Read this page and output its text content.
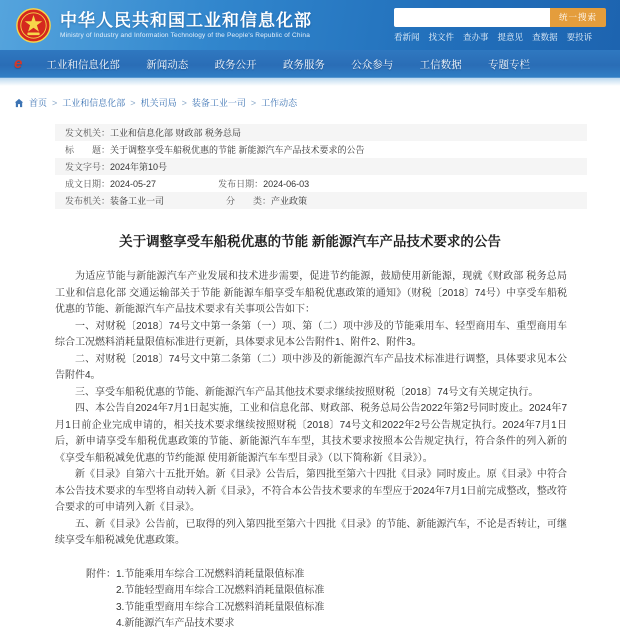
中华人民共和国工业和信息化部
Ministry of Industry and Information Technology of the People's Republic of China
统一搜索
看新闻 找文件 查办事 提意见 查数据 要投诉
e 工业和信息化部	新闻动态	政务公开	政务服务	公众参与	工信数据	专题专栏
首页 > 工业和信息化部 > 机关司局 > 装备工业一司 > 工作动态
发文机关： 工业和信息化部 财政部 税务总局
标　　题： 关于调整享受车船税优惠的节能 新能源汽车产品技术要求的公告
发文字号： 2024年第10号
成文日期： 2024-05-27	发布日期： 2024-06-03
发布机关： 装备工业一司	分　　类： 产业政策
关于调整享受车船税优惠的节能 新能源汽车产品技术要求的公告

为适应节能与新能源汽车产业发展和技术进步需要，促进节约能源，鼓励使用新能源，现就《财政部 税务总局 工业和信息化部 交通运输部关于节能 新能源车船享受车船税优惠政策的通知》（财税〔2018〕74号）中享受车船税优惠的节能、新能源汽车产品技术要求有关事项公告如下：

一、对财税〔2018〕74号文中第一条第（一）项、第（二）项中涉及的节能乘用车、轻型商用车、重型商用车综合工况燃料消耗量限值标准进行更新，具体要求见本公告附件1、附件2、附件3。

二、对财税〔2018〕74号文中第二条第（二）项中涉及的新能源汽车产品技术标准进行调整，具体要求见本公告附件4。

三、享受车船税优惠的节能、新能源汽车产品其他技术要求继续按照财税〔2018〕74号文有关规定执行。

四、本公告自2024年7月1日起实施，工业和信息化部、财政部、税务总局公告2022年第2号同时废止。2024年7月1日前企业完成申请的，相关技术要求继续按照财税〔2018〕74号文和2022年2号公告规定执行。2024年7月1日后，新申请享受车船税优惠政策的节能、新能源汽车车型，其技术要求按照本公告规定执行，符合条件的列入新的《享受车船税减免优惠的节约能源 使用新能源汽车车型目录》（以下简称新《目录》）。

新《目录》自第六十五批开始。新《目录》公告后，第四批至第六十四批《目录》同时废止。原《目录》中符合本公告技术要求的车型将自动转入新《目录》，不符合本公告技术要求的车型应于2024年7月1日前完成整改，整改符合要求的可申请列入新《目录》。

五、新《目录》公告前，已取得的列入第四批至第六十四批《目录》的节能、新能源汽车，不论是否转让，可继续享受车船税减免优惠政策。

附件： 1.节能乘用车综合工况燃料消耗量限值标准
2.节能轻型商用车综合工况燃料消耗量限值标准
3.节能重型商用车综合工况燃料消耗量限值标准
4.新能源汽车产品技术要求
